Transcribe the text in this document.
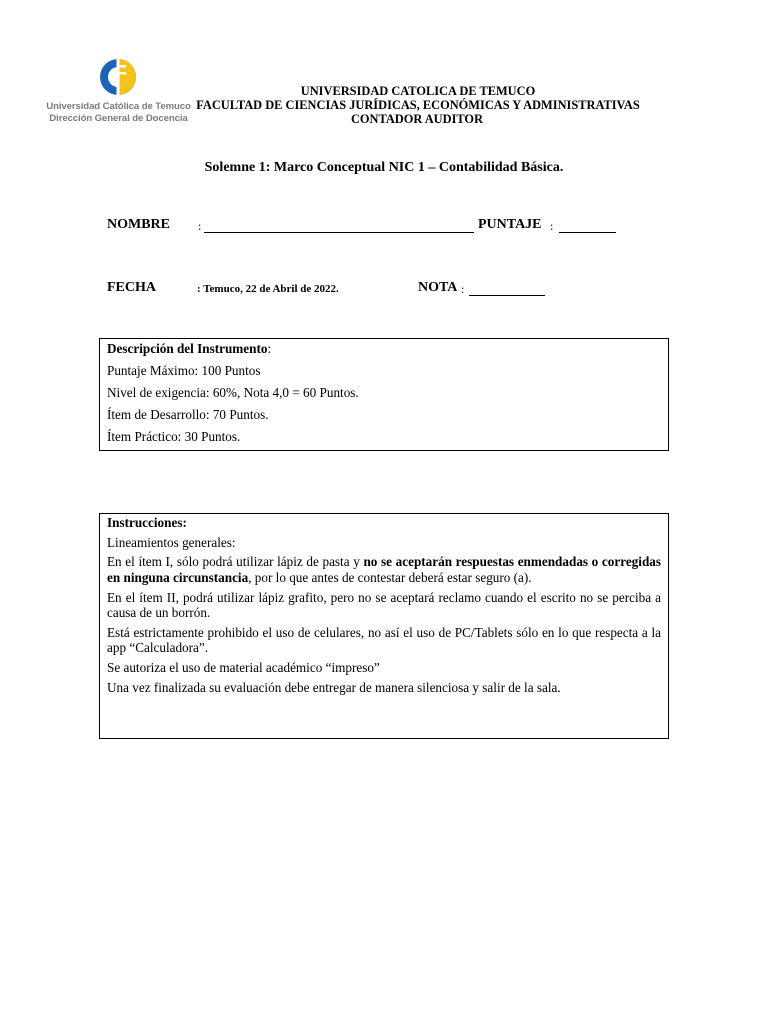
Universidad Católica de Temuco
Dirección General de Docencia
UNIVERSIDAD CATOLICA DE TEMUCO
FACULTAD DE CIENCIAS JURÍDICAS, ECONÓMICAS Y ADMINISTRATIVAS
CONTADOR AUDITOR
Solemne 1: Marco Conceptual NIC 1 – Contabilidad Básica.
NOMBRE :	PUNTAJE :
FECHA	: Temuco, 22 de Abril de 2022.	NOTA :

Descripción del Instrumento:

Puntaje Máximo: 100 Puntos

Nivel de exigencia: 60%, Nota 4,0 = 60 Puntos.

Ítem de Desarrollo: 70 Puntos.

Ítem Práctico: 30 Puntos.

Instrucciones:

Lineamientos generales:

En el ítem I, sólo podrá utilizar lápiz de pasta y no se aceptarán respuestas enmendadas o corregidas en ninguna circunstancia, por lo que antes de contestar deberá estar seguro (a).

En el ítem II, podrá utilizar lápiz grafito, pero no se aceptará reclamo cuando el escrito no se perciba a causa de un borrón.

Está estrictamente prohibido el uso de celulares, no así el uso de PC/Tablets sólo en lo que respecta a la app “Calculadora”.

Se autoriza el uso de material académico “impreso”

Una vez finalizada su evaluación debe entregar de manera silenciosa y salir de la sala.
